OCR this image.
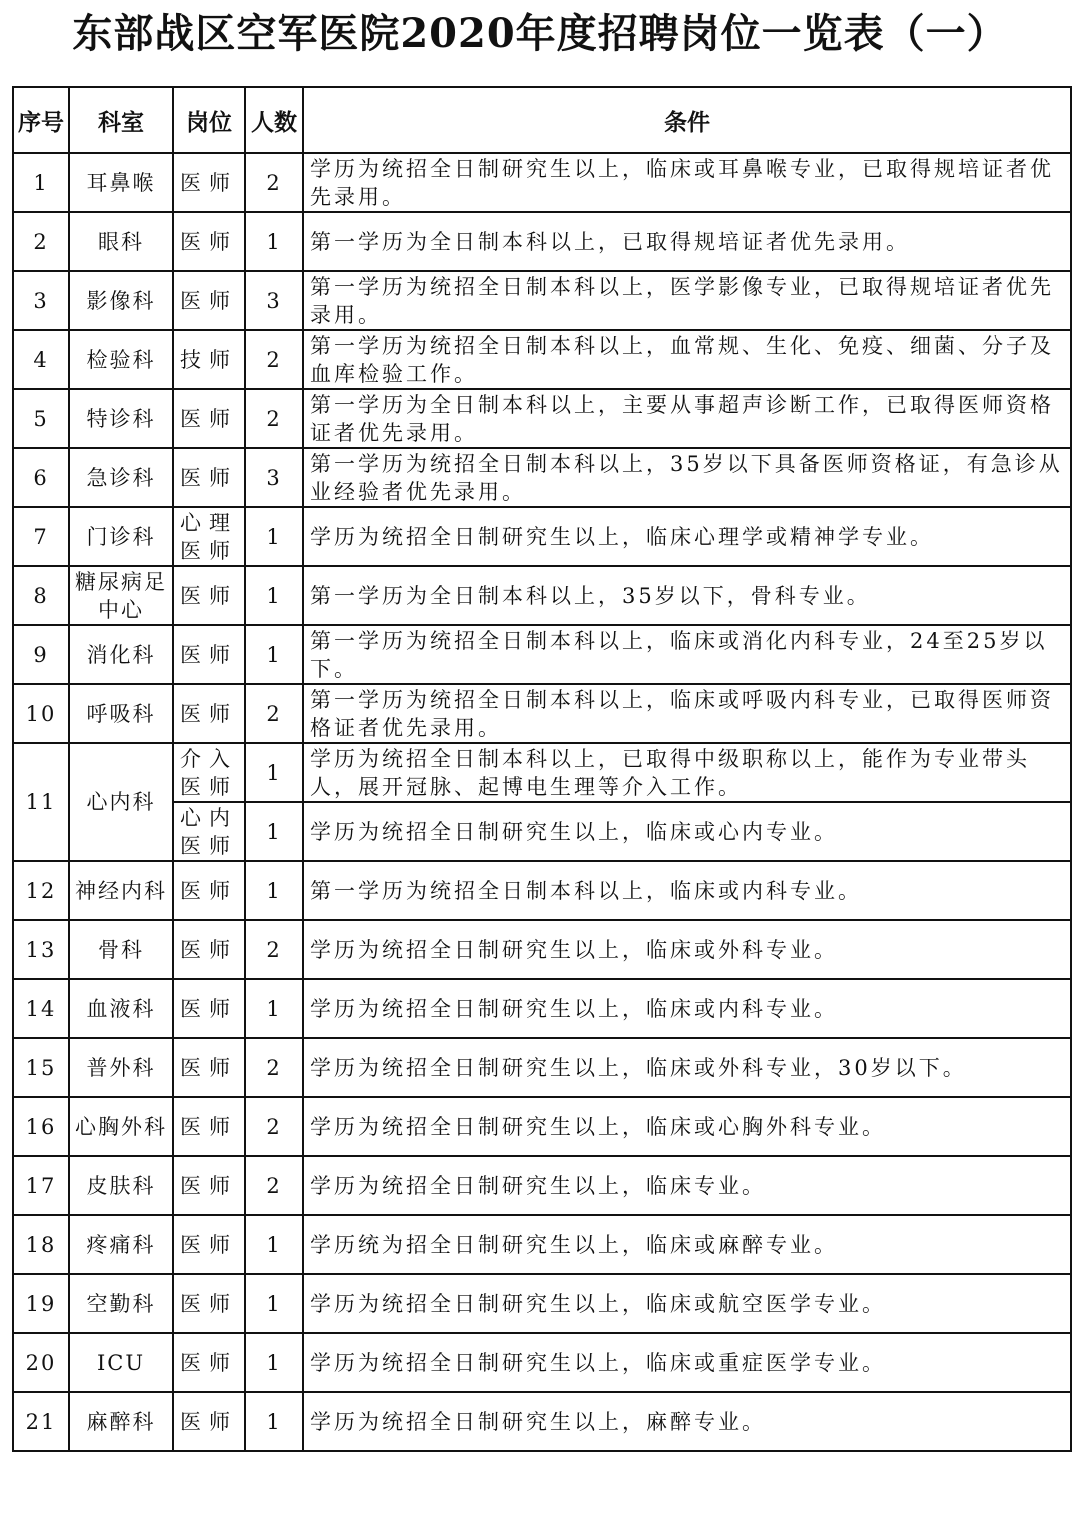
东部战区空军医院2020年度招聘岗位一览表（一）
序号	科室	岗位	人数	条件
1	耳鼻喉	医师	2	学历为统招全日制研究生以上，临床或耳鼻喉专业，已取得规培证者优先录用。
2	眼科	医师	1	第一学历为全日制本科以上，已取得规培证者优先录用。
3	影像科	医师	3	第一学历为统招全日制本科以上，医学影像专业，已取得规培证者优先录用。
4	检验科	技师	2	第一学历为统招全日制本科以上，血常规、生化、免疫、细菌、分子及血库检验工作。
5	特诊科	医师	2	第一学历为全日制本科以上，主要从事超声诊断工作，已取得医师资格证者优先录用。
6	急诊科	医师	3	第一学历为统招全日制本科以上，35岁以下具备医师资格证，有急诊从业经验者优先录用。
7	门诊科	心理医师	1	学历为统招全日制研究生以上，临床心理学或精神学专业。
8	糖尿病足中心	医师	1	第一学历为全日制本科以上，35岁以下，骨科专业。
9	消化科	医师	1	第一学历为统招全日制本科以上，临床或消化内科专业，24至25岁以下。
10	呼吸科	医师	2	第一学历为统招全日制本科以上，临床或呼吸内科专业，已取得医师资格证者优先录用。
11	心内科	介入医师	1	学历为统招全日制本科以上，已取得中级职称以上，能作为专业带头人，展开冠脉、起博电生理等介入工作。
		心内医师	1	学历为统招全日制研究生以上，临床或心内专业。
12	神经内科	医师	1	第一学历为统招全日制本科以上，临床或内科专业。
13	骨科	医师	2	学历为统招全日制研究生以上，临床或外科专业。
14	血液科	医师	1	学历为统招全日制研究生以上，临床或内科专业。
15	普外科	医师	2	学历为统招全日制研究生以上，临床或外科专业，30岁以下。
16	心胸外科	医师	2	学历为统招全日制研究生以上，临床或心胸外科专业。
17	皮肤科	医师	2	学历为统招全日制研究生以上，临床专业。
18	疼痛科	医师	1	学历统为招全日制研究生以上，临床或麻醉专业。
19	空勤科	医师	1	学历为统招全日制研究生以上，临床或航空医学专业。
20	ICU	医师	1	学历为统招全日制研究生以上，临床或重症医学专业。
21	麻醉科	医师	1	学历为统招全日制研究生以上，麻醉专业。
